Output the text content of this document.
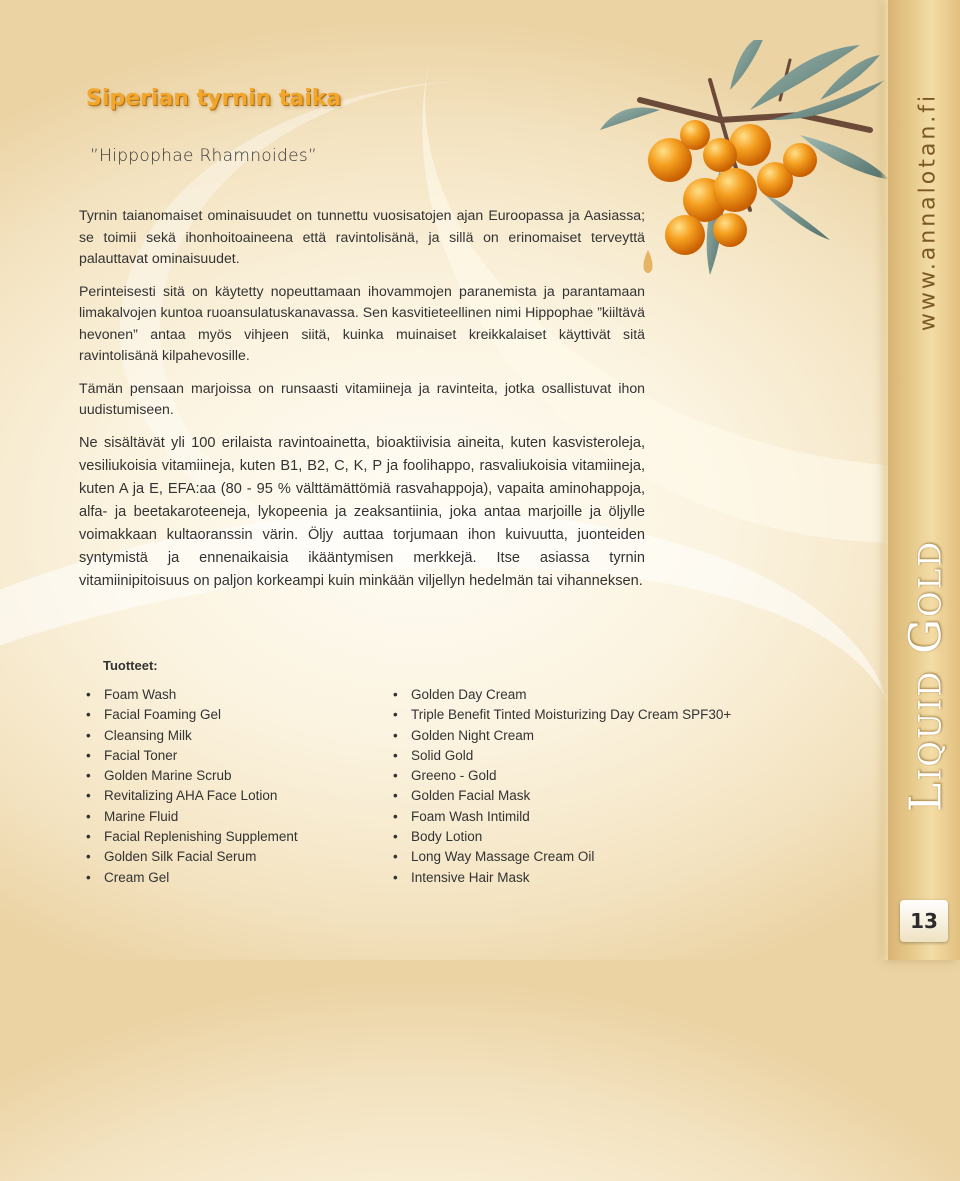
Siperian tyrnin taika
”Hippophae Rhamnoides”

Tyrnin taianomaiset ominaisuudet on tunnettu vuosisatojen ajan Euroopassa ja Aasiassa; se toimii sekä ihonhoitoaineena että ravintolisänä, ja sillä on erinomaiset terveyttä palauttavat ominaisuudet.

Perinteisesti sitä on käytetty nopeuttamaan ihovammojen paranemista ja parantamaan limakalvojen kuntoa ruoansulatuskanavassa. Sen kasvitieteellinen nimi Hippophae ”kiiltävä hevonen” antaa myös vihjeen siitä, kuinka muinaiset kreikkalaiset käyttivät sitä ravintolisänä kilpahevosille.

Tämän pensaan marjoissa on runsaasti vitamiineja ja ravinteita, jotka osallistuvat ihon uudistumiseen.

Ne sisältävät yli 100 erilaista ravintoainetta, bioaktiivisia aineita, kuten kasvisteroleja, vesiliukoisia vitamiineja, kuten B1, B2, C, K, P ja foolihappo, rasvaliukoisia vitamiineja, kuten A ja E, EFA:aa (80 - 95 % välttämättömiä rasvahappoja), vapaita aminohappoja, alfa- ja beetakaroteeneja, lykopeenia ja zeaksantiinia, joka antaa marjoille ja öljylle voimakkaan kultaoranssin värin. Öljy auttaa torjumaan ihon kuivuutta, juonteiden syntymistä ja ennenaikaisia ikääntymisen merkkejä. Itse asiassa tyrnin vitamiinipitoisuus on paljon korkeampi kuin minkään viljellyn hedelmän tai vihanneksen.

Tuotteet:
• Foam Wash
• Facial Foaming Gel
• Cleansing Milk
• Facial Toner
• Golden Marine Scrub
• Revitalizing AHA Face Lotion
• Marine Fluid
• Facial Replenishing Supplement
• Golden Silk Facial Serum
• Cream Gel
• Golden Day Cream
• Triple Benefit Tinted Moisturizing Day Cream SPF30+
• Golden Night Cream
• Solid Gold
• Greeno - Gold
• Golden Facial Mask
• Foam Wash Intimild
• Body Lotion
• Long Way Massage Cream Oil
• Intensive Hair Mask
www.annalotan.fi
Liquid Gold
13
